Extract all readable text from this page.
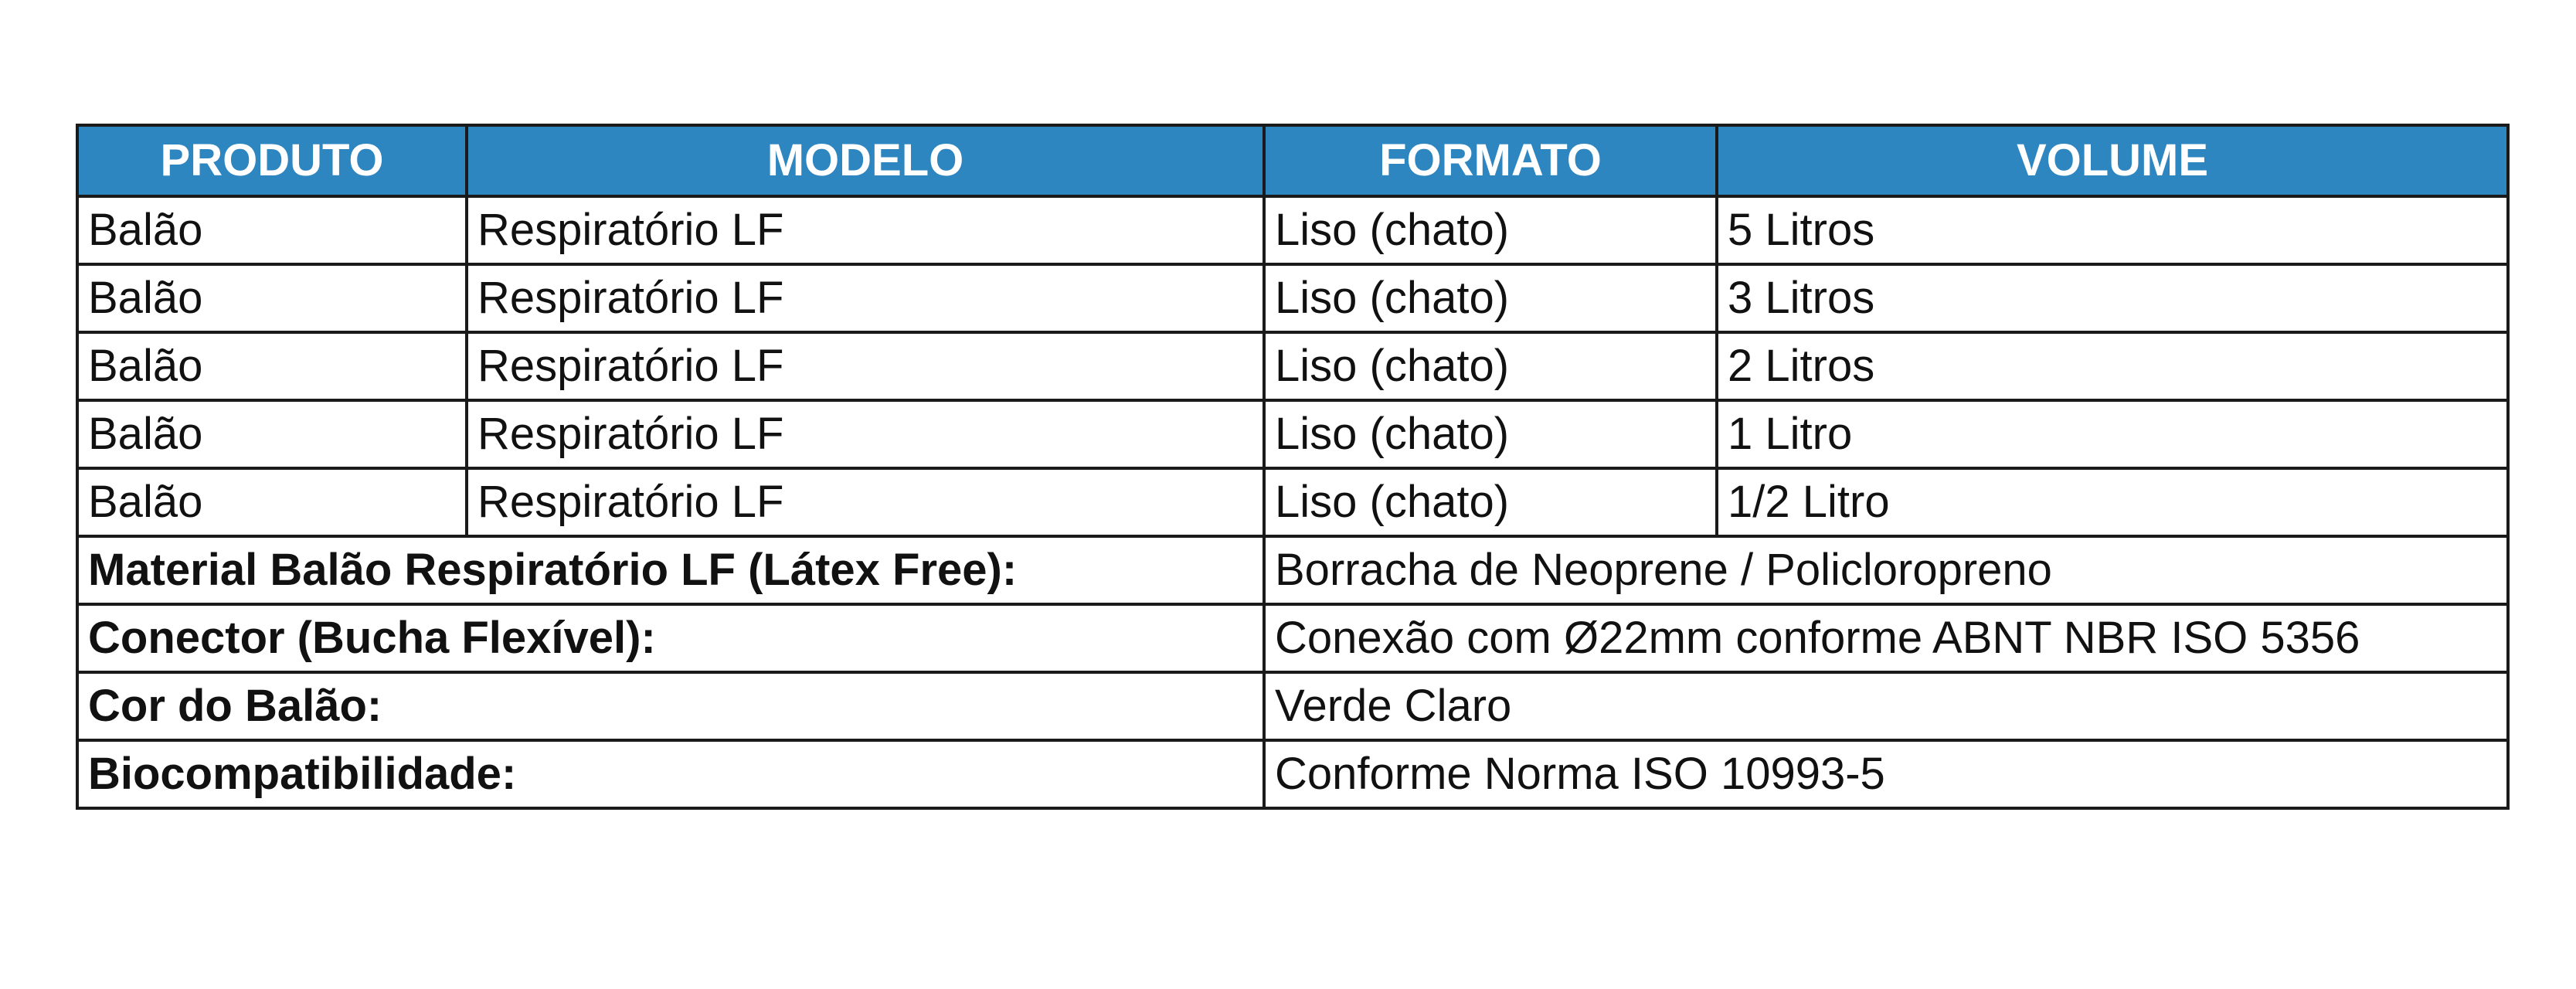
PRODUTO	MODELO	FORMATO	VOLUME
Balão	Respiratório LF	Liso (chato)	5 Litros
Balão	Respiratório LF	Liso (chato)	3 Litros
Balão	Respiratório LF	Liso (chato)	2 Litros
Balão	Respiratório LF	Liso (chato)	1 Litro
Balão	Respiratório LF	Liso (chato)	1/2 Litro
Material Balão Respiratório LF (Látex Free):		Borracha de Neoprene / Policloropreno	
Conector (Bucha Flexível):		Conexão com Ø22mm conforme ABNT NBR ISO 5356	
Cor do Balão:		Verde Claro	
Biocompatibilidade:		Conforme Norma ISO 10993-5	
